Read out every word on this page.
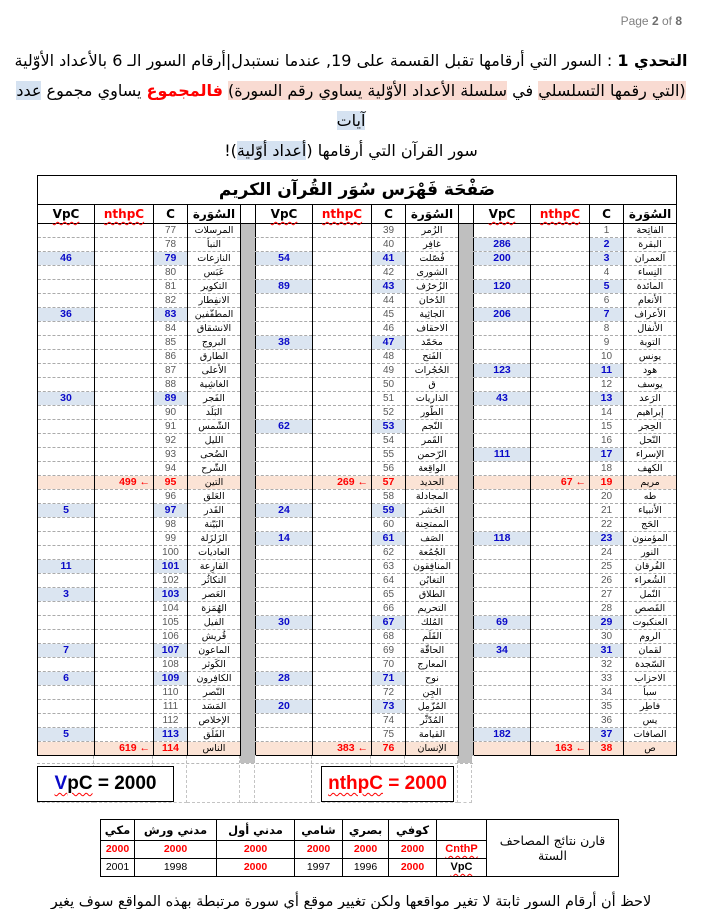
Page 2 of 8

التحدي 1 : السور التي أرقامها تقبل القسمة على 19, عندما نستبدل|أرقام السور الـ 6 بالأعداد الأوّلية
(التي رقمها التسلسلي في سلسلة الأعداد الأوّلية يساوي رقم السورة) فالمجموع يساوي مجموع عدد آيات
سور القرآن التي أرقامها (أعداد أوّلية)!

صَفْحَة فَهْرَس سُوَر القُرآن الكريم													
VpC	nthpC	C	السُوَرة		VpC	nthpC	C	السُوَرة		VpC	nthpC	C	السُوَرة
		77	المرسلات				39	الزُمر				1	الفاتِحة
		78	النبأ				40	غافِر		286		2	البقرة
46		79	النازعات		54		41	فُصّلت		200		3	آلعمران
		80	عَبَس				42	الشورى				4	النِساء
		81	التكوير		89		43	الزُخرُف		120		5	المائدة
		82	الانفِطار				44	الدُخان				6	الأنعام
36		83	المطفّفين				45	الجاثِية		206		7	الأعراف
		84	الانشقاق				46	الاحقاف				8	الأنفال
		85	البروج		38		47	محَمّد				9	التوبة
		86	الطارق				48	الفَتح				10	يونس
		87	الأعلى				49	الحُجُرات		123		11	هود
		88	الغاشِية				50	ق				12	يوسف
30		89	الفَجر				51	الذاريات		43		13	الرَعد
		90	البَلَد				52	الطّور				14	إبراهيم
		91	الشّمس		62		53	النّجم				15	الحِجر
		92	الليل				54	القَمر				16	النّحل
		93	الضُحى				55	الرّحمن		111		17	الإسراء
		94	الشّرح				56	الواقِعة				18	الكهف
	499 ←	95	التين			269 ←	57	الحديد			67 ←	19	مريم
		96	العَلق				58	المجادلة				20	طه
5		97	القَدر		24		59	الحَشر				21	الأنبياء
		98	البَيّنة				60	الممتحِنة				22	الحَج
		99	الزَلزَلة		14		61	الصَف		118		23	المؤمنون
		100	العاديات				62	الجُمُعة				24	النور
11		101	القارِعة				63	المنافِقون				25	الفُرقان
		102	التكاثُر				64	التغابُن				26	الشُعراء
3		103	العَصر				65	الطلاق				27	النّمل
		104	الهُمَزة				66	التحريم				28	القَصص
		105	الفيل		30		67	المُلك		69		29	العنكبوت
		106	قُريش				68	القَلَم				30	الروم
7		107	الماعون				69	الحاقّة		34		31	لقمان
		108	الكَوثر				70	المعارج				32	السّجدة
6		109	الكافِرون		28		71	نوح				33	الاحزاب
		110	النّصر				72	الجِن				34	سبأ
		111	المَسَد		20		73	المُزّمِل				35	فاطِر
		112	الإخلاص				74	المُدّثّر				36	يس
5		113	الفَلَق				75	القيامة		182		37	الصافات
	619 ←	114	الناس			383 ←	76	الإنسان			163 ←	38	ص
VpC = 2000	nthpC = 2000
مكي	مدني ورش	مدني أول	شامي	بصري	كوفي		قارن نتائج المصاحف الستة
2000	2000	2000	2000	2000	2000	CnthP	
2001	1998	2000	1997	1996	2000	VpC	
لاحظ أن أرقام السور ثابتة لا تغير مواقعها ولكن تغيير موقع أي سورة مرتبطة بهذه المواقع سوف يغير
